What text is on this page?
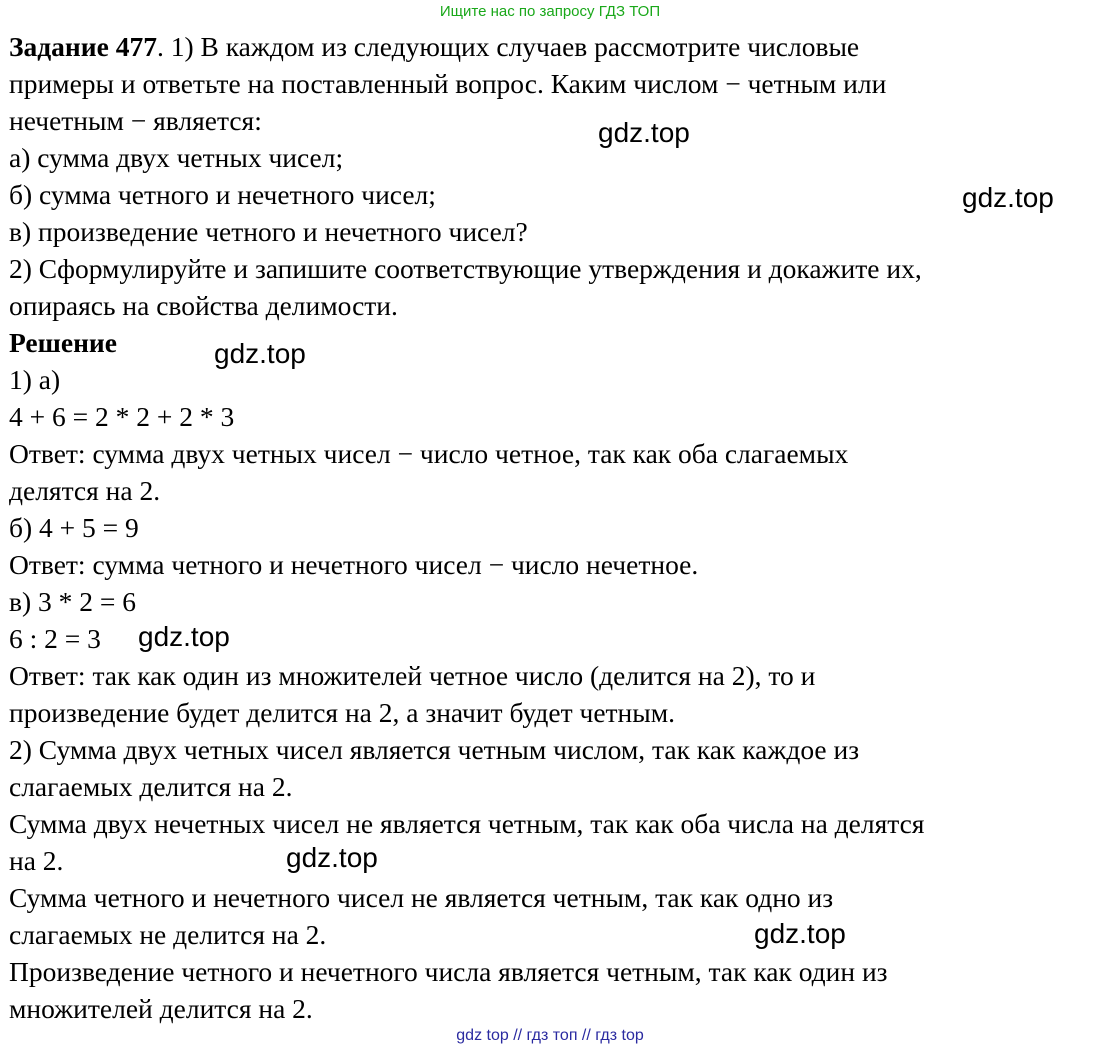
Ищите нас по запросу ГДЗ ТОП
Задание 477. 1) В каждом из следующих случаев рассмотрите числовые
примеры и ответьте на поставленный вопрос. Каким числом − четным или
нечетным − является:
а) сумма двух четных чисел;
б) сумма четного и нечетного чисел;
в) произведение четного и нечетного чисел?
2) Сформулируйте и запишите соответствующие утверждения и докажите их,
опираясь на свойства делимости.
Решение
1) а)
4 + 6 = 2 * 2 + 2 * 3
Ответ: сумма двух четных чисел − число четное, так как оба слагаемых
делятся на 2.
б) 4 + 5 = 9
Ответ: сумма четного и нечетного чисел − число нечетное.
в) 3 * 2 = 6
6 : 2 = 3
Ответ: так как один из множителей четное число (делится на 2), то и
произведение будет делится на 2, а значит будет четным.
2) Сумма двух четных чисел является четным числом, так как каждое из
слагаемых делится на 2.
Сумма двух нечетных чисел не является четным, так как оба числа на делятся
на 2.
Сумма четного и нечетного чисел не является четным, так как одно из
слагаемых не делится на 2.
Произведение четного и нечетного числа является четным, так как один из
множителей делится на 2.
gdz.top
gdz.top
gdz.top
gdz.top
gdz.top
gdz.top
gdz top // гдз топ // гдз top
